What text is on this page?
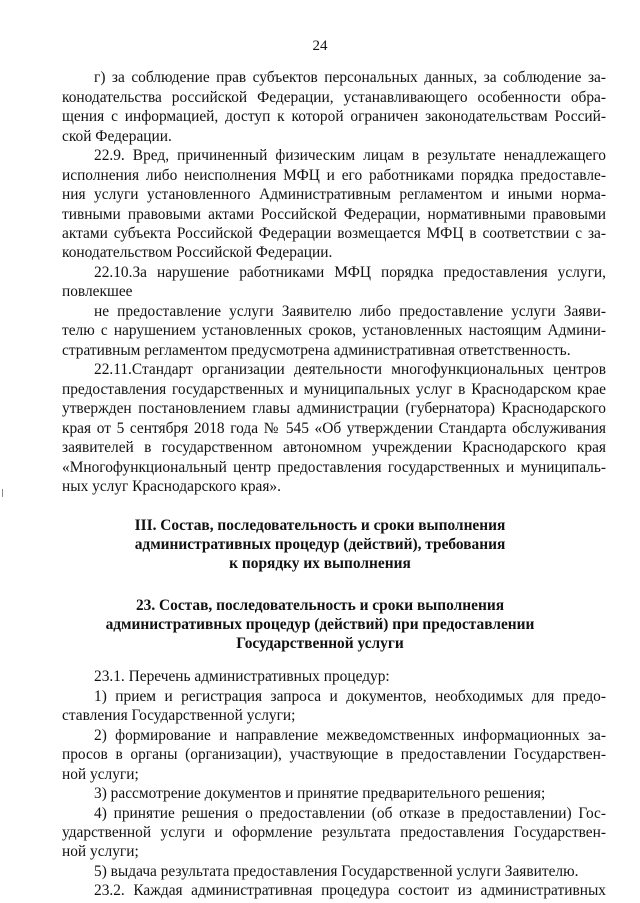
24
г) за соблюдение прав субъектов персональных данных, за соблюдение за-
конодательства российской Федерации, устанавливающего особенности обра-
щения с информацией, доступ к которой ограничен законодательствам Россий-
ской Федерации.
22.9. Вред, причиненный физическим лицам в результате ненадлежащего
исполнения либо неисполнения МФЦ и его работниками порядка предоставле-
ния услуги установленного Административным регламентом и иными норма-
тивными правовыми актами Российской Федерации, нормативными правовыми
актами субъекта Российской Федерации возмещается МФЦ в соответствии с за-
конодательством Российской Федерации.
22.10.За нарушение работниками МФЦ порядка предоставления услуги,
повлекшее
не предоставление услуги Заявителю либо предоставление услуги Заяви-
телю с нарушением установленных сроков, установленных настоящим Админи-
стративным регламентом предусмотрена административная ответственность.
22.11.Стандарт организации деятельности многофункциональных центров
предоставления государственных и муниципальных услуг в Краснодарском крае
утвержден постановлением главы администрации (губернатора) Краснодарского
края от 5 сентября 2018 года № 545 «Об утверждении Стандарта обслуживания
заявителей в государственном автономном учреждении Краснодарского края
«Многофункциональный центр предоставления государственных и муниципаль-
ных услуг Краснодарского края».
III. Состав, последовательность и сроки выполнения
административных процедур (действий), требования
к порядку их выполнения
23. Состав, последовательность и сроки выполнения
административных процедур (действий) при предоставлении
Государственной услуги
23.1. Перечень административных процедур:
1) прием и регистрация запроса и документов, необходимых для предо-
ставления Государственной услуги;
2) формирование и направление межведомственных информационных за-
просов в органы (организации), участвующие в предоставлении Государствен-
ной услуги;
3) рассмотрение документов и принятие предварительного решения;
4) принятие решения о предоставлении (об отказе в предоставлении) Гос-
ударственной услуги и оформление результата предоставления Государствен-
ной услуги;
5) выдача результата предоставления Государственной услуги Заявителю.
23.2. Каждая административная процедура состоит из административных
